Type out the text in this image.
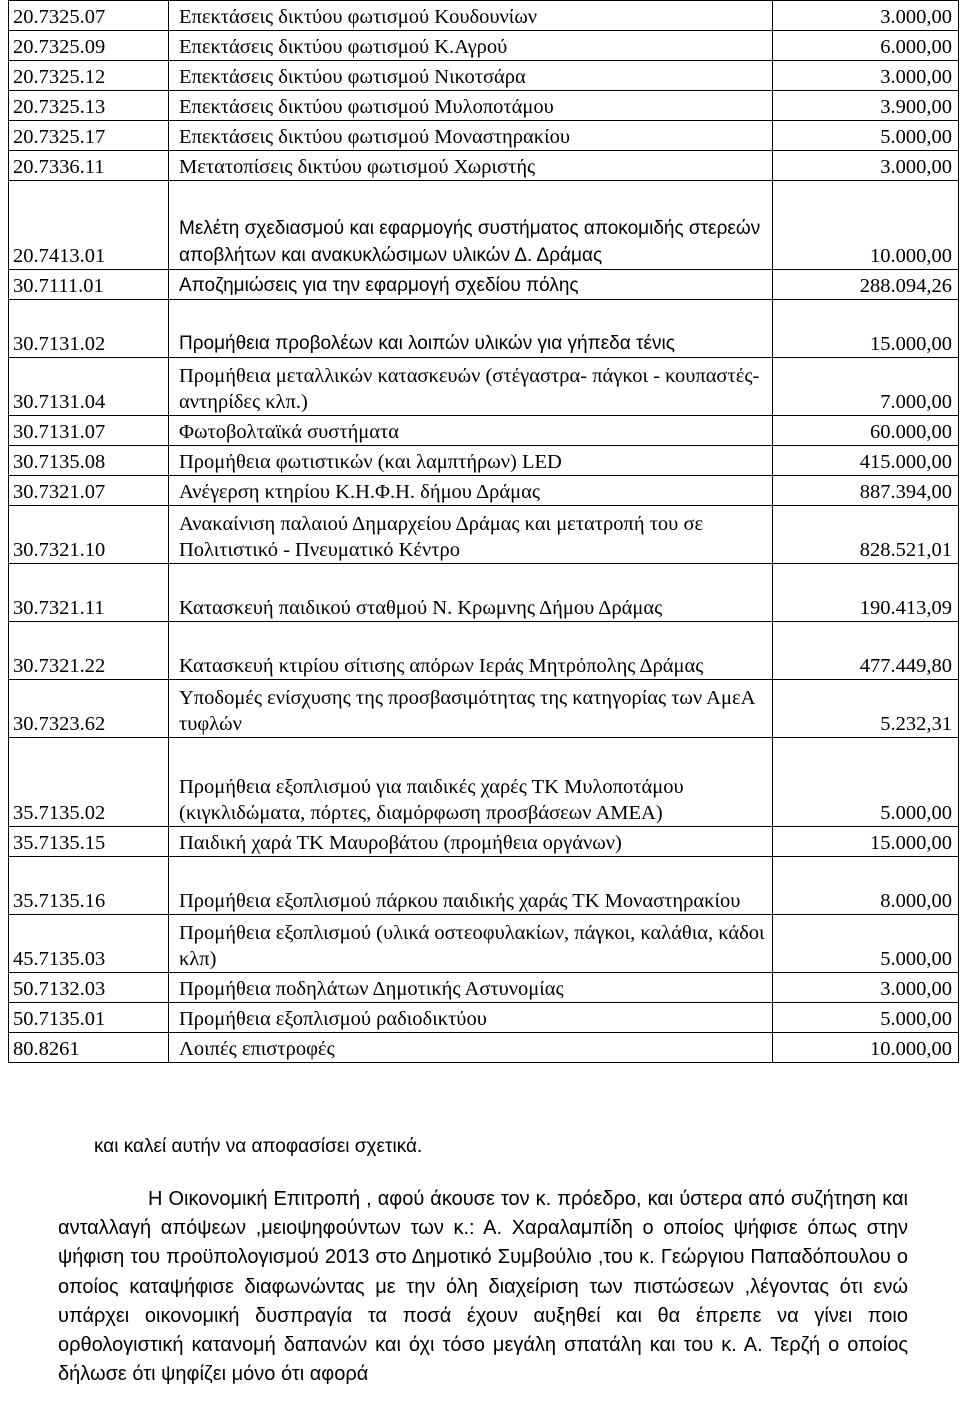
20.7325.07	Επεκτάσεις δικτύου φωτισμού Κουδουνίων	3.000,00
20.7325.09	Επεκτάσεις δικτύου φωτισμού Κ.Αγρού	6.000,00
20.7325.12	Επεκτάσεις δικτύου φωτισμού Νικοτσάρα	3.000,00
20.7325.13	Επεκτάσεις δικτύου φωτισμού Μυλοποτάμου	3.900,00
20.7325.17	Επεκτάσεις δικτύου φωτισμού Μοναστηρακίου	5.000,00
20.7336.11	Μετατοπίσεις δικτύου φωτισμού Χωριστής	3.000,00
20.7413.01	Μελέτη σχεδιασμού και εφαρμογής συστήματος αποκομιδής στερεών αποβλήτων και ανακυκλώσιμων υλικών Δ. Δράμας	10.000,00
30.7111.01	Αποζημιώσεις για την εφαρμογή σχεδίου πόλης	288.094,26
30.7131.02	Προμήθεια προβολέων και λοιπών υλικών για γήπεδα τένις	15.000,00
30.7131.04	Προμήθεια μεταλλικών κατασκευών (στέγαστρα- πάγκοι - κουπαστές- αντηρίδες κλπ.)	7.000,00
30.7131.07	Φωτοβολταϊκά συστήματα	60.000,00
30.7135.08	Προμήθεια φωτιστικών (και λαμπτήρων) LED	415.000,00
30.7321.07	Ανέγερση κτηρίου Κ.Η.Φ.Η. δήμου Δράμας	887.394,00
30.7321.10	Ανακαίνιση παλαιού Δημαρχείου Δράμας και μετατροπή του σε Πολιτιστικό - Πνευματικό Κέντρο	828.521,01
30.7321.11	Κατασκευή παιδικού σταθμού Ν. Κρωμνης Δήμου Δράμας	190.413,09
30.7321.22	Κατασκευή κτιρίου σίτισης απόρων Ιεράς Μητρόπολης Δράμας	477.449,80
30.7323.62	Υποδομές ενίσχυσης της προσβασιμότητας της κατηγορίας των ΑμεΑ τυφλών	5.232,31
35.7135.02	Προμήθεια εξοπλισμού για παιδικές χαρές ΤΚ Μυλοποτάμου (κιγκλιδώματα, πόρτες, διαμόρφωση προσβάσεων ΑΜΕΑ)	5.000,00
35.7135.15	Παιδική χαρά ΤΚ Μαυροβάτου (προμήθεια οργάνων)	15.000,00
35.7135.16	Προμήθεια εξοπλισμού πάρκου παιδικής χαράς ΤΚ Μοναστηρακίου	8.000,00
45.7135.03	Προμήθεια εξοπλισμού (υλικά οστεοφυλακίων, πάγκοι, καλάθια, κάδοι κλπ)	5.000,00
50.7132.03	Προμήθεια ποδηλάτων Δημοτικής Αστυνομίας	3.000,00
50.7135.01	Προμήθεια εξοπλισμού ραδιοδικτύου	5.000,00
80.8261	Λοιπές επιστροφές	10.000,00

και καλεί αυτήν να αποφασίσει σχετικά.

Η Οικονομική Επιτροπή , αφού άκουσε τον κ. πρόεδρο, και ύστερα από συζήτηση και ανταλλαγή απόψεων ,μειοψηφούντων των κ.: Α. Χαραλαμπίδη ο οποίος ψήφισε όπως στην ψήφιση του προϋπολογισμού 2013 στο Δημοτικό Συμβούλιο ,του κ. Γεώργιου Παπαδόπουλου ο οποίος καταψήφισε διαφωνώντας με την όλη διαχείριση των πιστώσεων ,λέγοντας ότι ενώ υπάρχει οικονομική δυσπραγία τα ποσά έχουν αυξηθεί και θα έπρεπε να γίνει ποιο ορθολογιστική κατανομή δαπανών και όχι τόσο μεγάλη σπατάλη και του κ. Α. Τερζή ο οποίος δήλωσε ότι ψηφίζει μόνο ότι αφορά
